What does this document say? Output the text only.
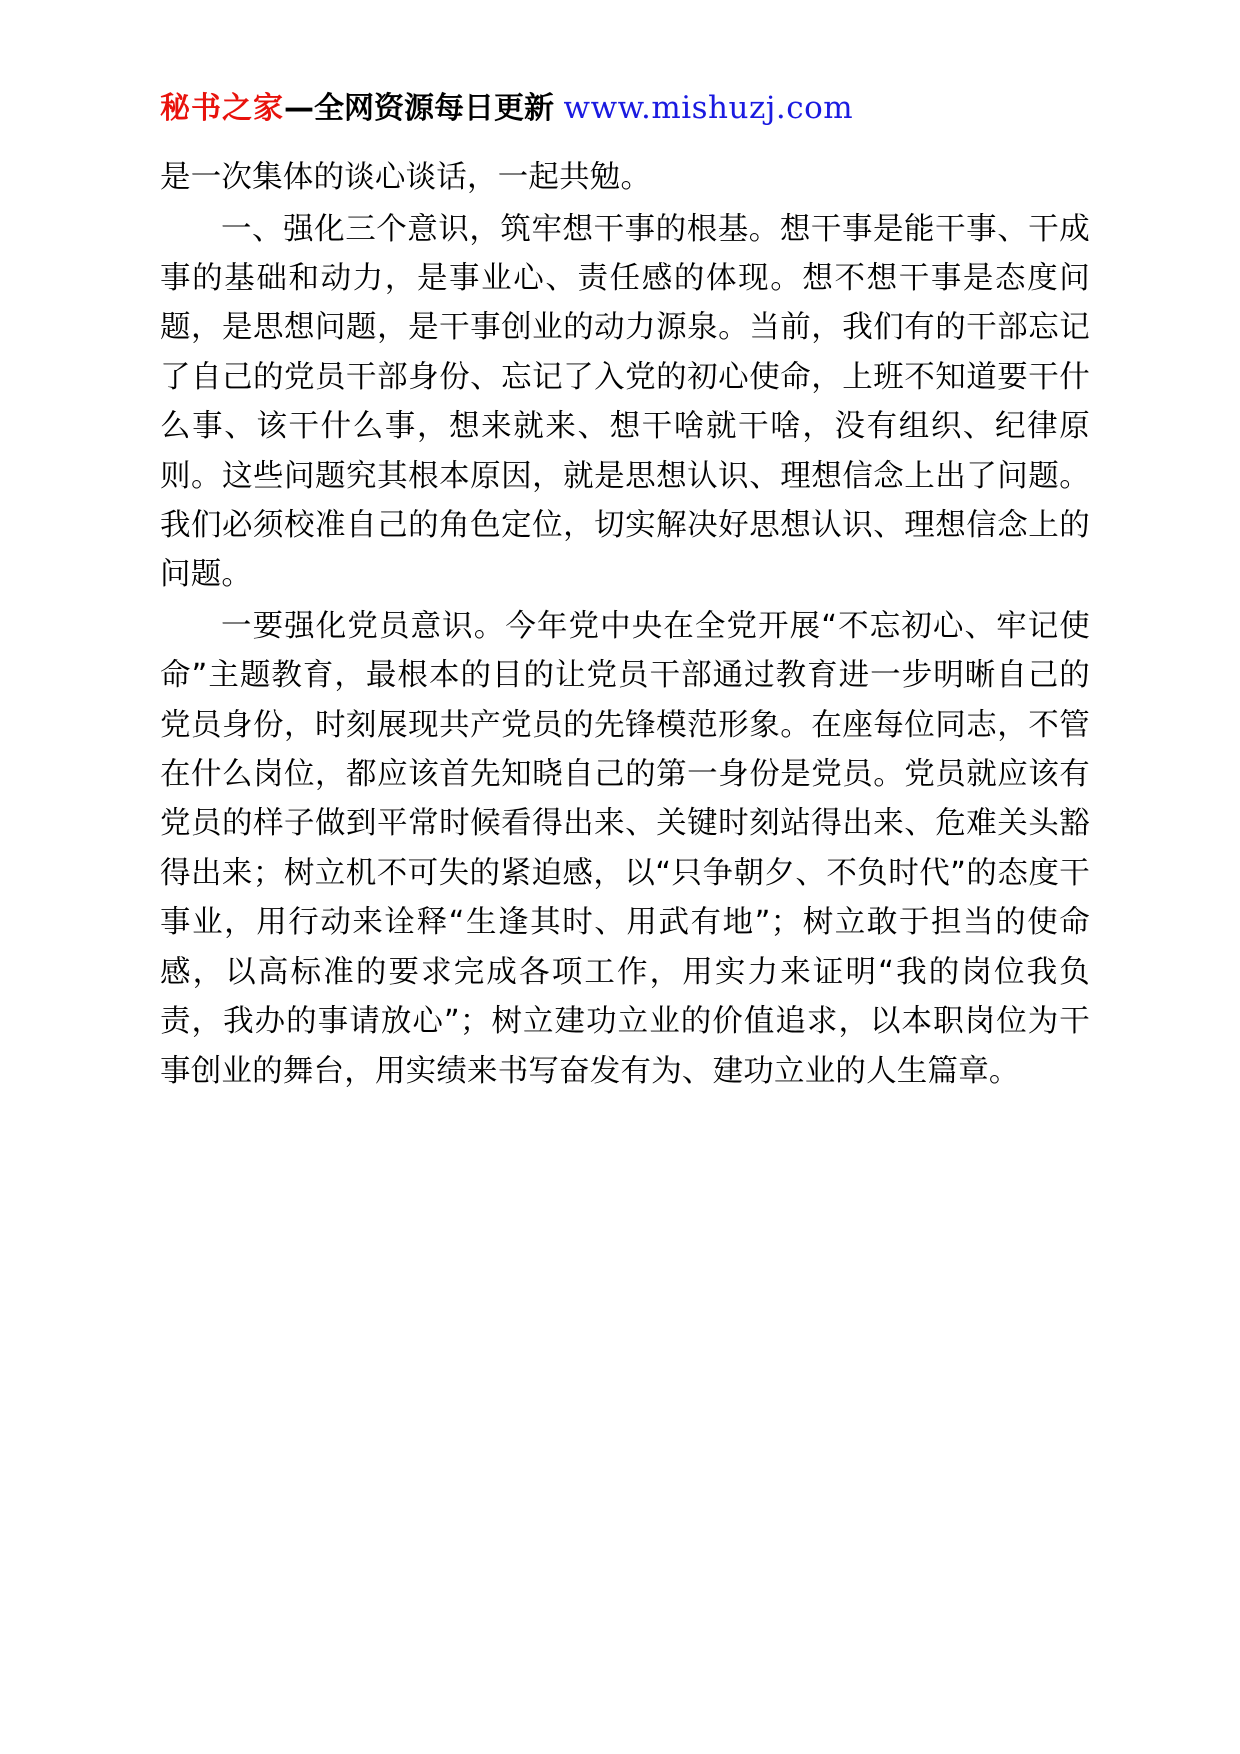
秘书之家—全网资源每日更新 www.mishuzj.com

是一次集体的谈心谈话，一起共勉。

一、强化三个意识，筑牢想干事的根基。想干事是能干事、干成事的基础和动力，是事业心、责任感的体现。想不想干事是态度问题，是思想问题，是干事创业的动力源泉。当前，我们有的干部忘记了自己的党员干部身份、忘记了入党的初心使命，上班不知道要干什么事、该干什么事，想来就来、想干啥就干啥，没有组织、纪律原则。这些问题究其根本原因，就是思想认识、理想信念上出了问题。我们必须校准自己的角色定位，切实解决好思想认识、理想信念上的问题。

一要强化党员意识。今年党中央在全党开展“不忘初心、牢记使命”主题教育，最根本的目的让党员干部通过教育进一步明晰自己的党员身份，时刻展现共产党员的先锋模范形象。在座每位同志，不管在什么岗位，都应该首先知晓自己的第一身份是党员。党员就应该有党员的样子做到平常时候看得出来、关键时刻站得出来、危难关头豁得出来；树立机不可失的紧迫感，以“只争朝夕、不负时代”的态度干事业，用行动来诠释“生逢其时、用武有地”；树立敢于担当的使命感，以高标准的要求完成各项工作，用实力来证明“我的岗位我负责，我办的事请放心”；树立建功立业的价值追求，以本职岗位为干事创业的舞台，用实绩来书写奋发有为、建功立业的人生篇章。
